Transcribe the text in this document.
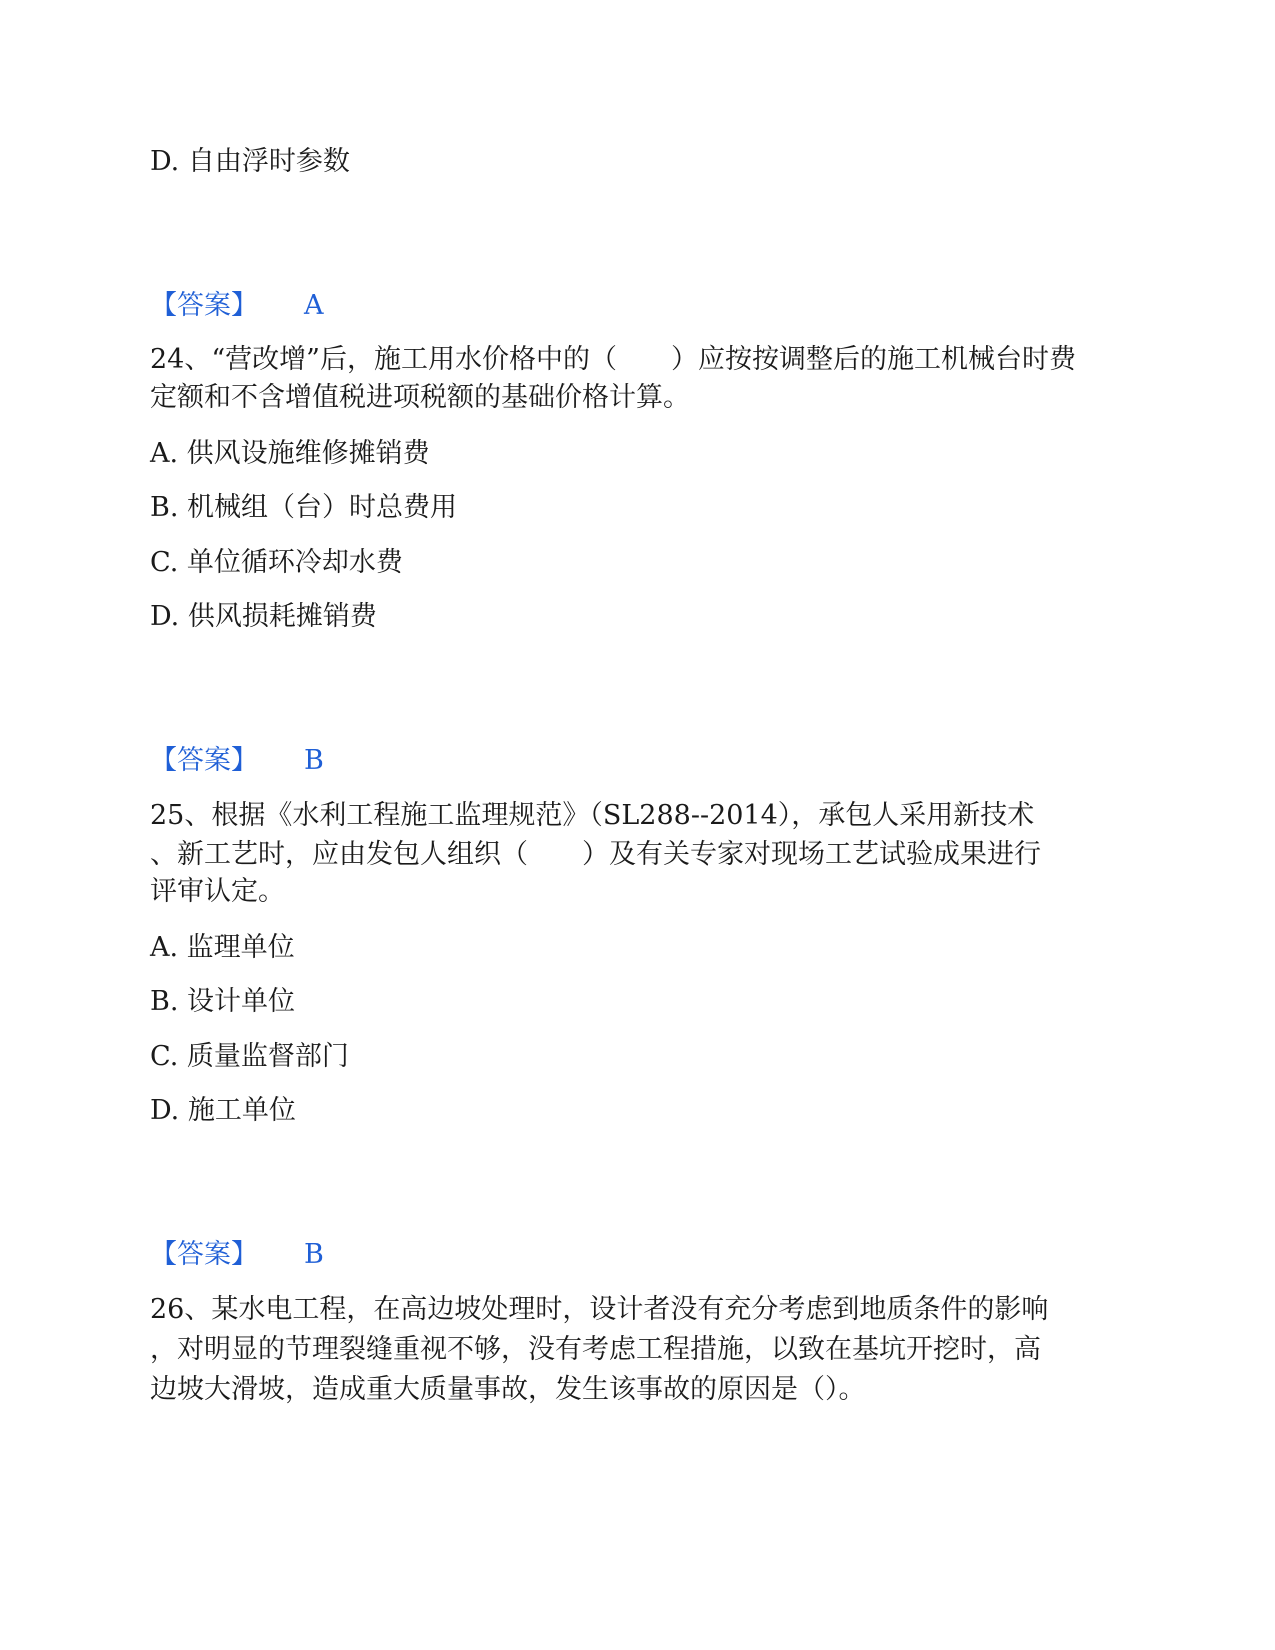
D. 自由浮时参数
【答案】 A
24、“营改增”后，施工用水价格中的（　　）应按按调整后的施工机械台时费
定额和不含增值税进项税额的基础价格计算。
A. 供风设施维修摊销费
B. 机械组（台）时总费用
C. 单位循环冷却水费
D. 供风损耗摊销费
【答案】 B
25、根据《水利工程施工监理规范》（SL288--2014），承包人采用新技术
、新工艺时，应由发包人组织（　　）及有关专家对现场工艺试验成果进行
评审认定。
A. 监理单位
B. 设计单位
C. 质量监督部门
D. 施工单位
【答案】 B
26、某水电工程，在高边坡处理时，设计者没有充分考虑到地质条件的影响
，对明显的节理裂缝重视不够，没有考虑工程措施，以致在基坑开挖时，高
边坡大滑坡，造成重大质量事故，发生该事故的原因是（）。
